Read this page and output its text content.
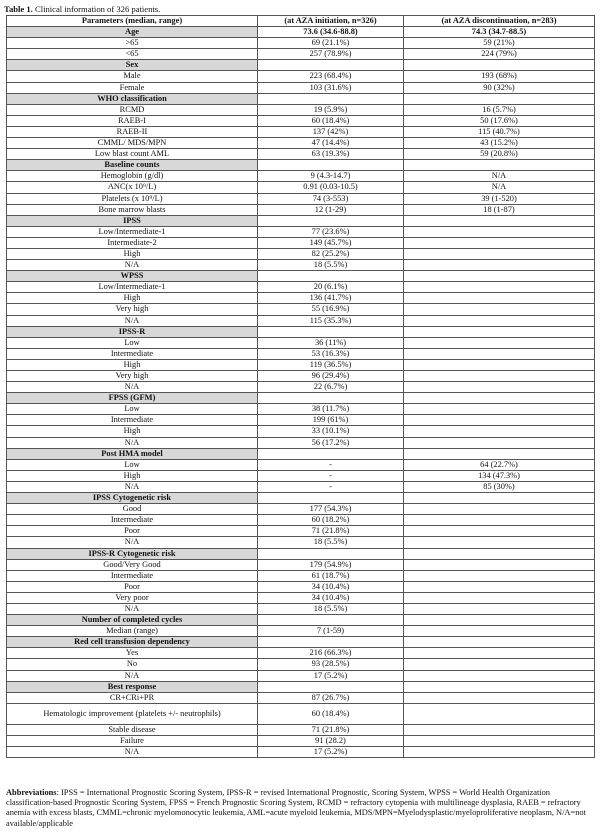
Table 1. Clinical information of 326 patients.
Parameters (median, range)	(at AZA initiation, n=326)	(at AZA discontinuation, n=283)
Age	73.6 (34.6-88.8)	74.3 (34.7-88.5)
>65	69 (21.1%)	59 (21%)
<65	257 (78.9%)	224 (79%)
Sex		
Male	223 (68.4%)	193 (68%)
Female	103 (31.6%)	90 (32%)
WHO classification		
RCMD	19 (5.9%)	16 (5.7%)
RAEB-I	60 (18.4%)	50 (17.6%)
RAEB-II	137 (42%)	115 (40.7%)
CMML/ MDS/MPN	47 (14.4%)	43 (15.2%)
Low blast count AML	63 (19.3%)	59 (20.8%)
Baseline counts		
Hemoglobin (g/dl)	9 (4.3-14.7)	N/A
ANC(x 10⁹/L)	0.91 (0.03-10.5)	N/A
Platelets (x 10⁹/L)	74 (3-553)	39 (1-520)
Bone marrow blasts	12 (1-29)	18 (1-87)
IPSS		
Low/Intermediate-1	77 (23.6%)	
Intermediate-2	149 (45.7%)	
High	82 (25.2%)	
N/A	18 (5.5%)	
WPSS		
Low/Intermediate-1	20 (6.1%)	
High	136 (41.7%)	
Very high	55 (16.9%)	
N/A	115 (35.3%)	
IPSS-R		
Low	36 (11%)	
Intermediate	53 (16.3%)	
High	119 (36.5%)	
Very high	96 (29.4%)	
N/A	22 (6.7%)	
FPSS (GFM)		
Low	38 (11.7%)	
Intermediate	199 (61%)	
High	33 (10.1%)	
N/A	56 (17.2%)	
Post HMA model		
Low	-	64 (22.7%)
High	-	134 (47.3%)
N/A	-	85 (30%)
IPSS Cytogenetic risk		
Good	177 (54.3%)	
Intermediate	60 (18.2%)	
Poor	71 (21.8%)	
N/A	18 (5.5%)	
IPSS-R Cytogenetic risk		
Good/Very Good	179 (54.9%)	
Intermediate	61 (18.7%)	
Poor	34 (10.4%)	
Very poor	34 (10.4%)	
N/A	18 (5.5%)	
Number of completed cycles		
Median (range)	7 (1-59)	
Red cell transfusion dependency		
Yes	216 (66.3%)	
No	93 (28.5%)	
N/A	17 (5.2%)	
Best response		
CR+CRi+PR	87 (26.7%)	
Hematologic improvement (platelets +/- neutrophils)	60 (18.4%)	
Stable disease	71 (21.8%)	
Failure	91 (28.2)	
N/A	17 (5.2%)	
Abbreviations: IPSS = International Prognostic Scoring System, IPSS-R = revised International Prognostic, Scoring System, WPSS = World Health Organization classification-based Prognostic Scoring System, FPSS = French Prognostic Scoring System, RCMD = refractory cytopenia with multilineage dysplasia, RAEB = refractory anemia with excess blasts, CMML=chronic myelomonocytic leukemia, AML=acute myeloid leukemia, MDS/MPN=Myelodysplastic/myeloproliferative neoplasm, N/A=not available/applicable
